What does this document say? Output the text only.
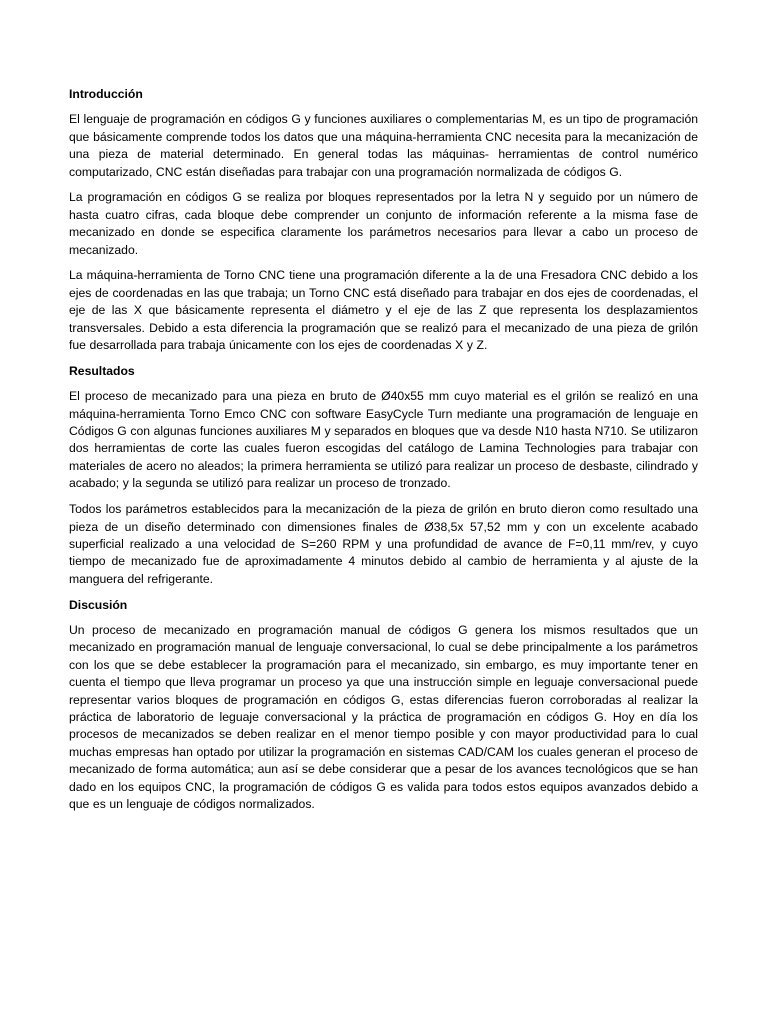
Introducción

El lenguaje de programación en códigos G y funciones auxiliares o complementarias M, es un tipo de programación que básicamente comprende todos los datos que una máquina-herramienta CNC necesita para la mecanización de una pieza de material determinado. En general todas las máquinas- herramientas de control numérico computarizado, CNC están diseñadas para trabajar con una programación normalizada de códigos G.

La programación en códigos G se realiza por bloques representados por la letra N y seguido por un número de hasta cuatro cifras, cada bloque debe comprender un conjunto de información referente a la misma fase de mecanizado en donde se especifica claramente los parámetros necesarios para llevar a cabo un proceso de mecanizado.

La máquina-herramienta de Torno CNC tiene una programación diferente a la de una Fresadora CNC debido a los ejes de coordenadas en las que trabaja; un Torno CNC está diseñado para trabajar en dos ejes de coordenadas, el eje de las X que básicamente representa el diámetro y el eje de las Z que representa los desplazamientos transversales. Debido a esta diferencia la programación que se realizó para el mecanizado de una pieza de grilón fue desarrollada para trabaja únicamente con los ejes de coordenadas X y Z.

Resultados

El proceso de mecanizado para una pieza en bruto de Ø40x55 mm cuyo material es el grilón se realizó en una máquina-herramienta Torno Emco CNC con software EasyCycle Turn mediante una programación de lenguaje en Códigos G con algunas funciones auxiliares M y separados en bloques que va desde N10 hasta N710. Se utilizaron dos herramientas de corte las cuales fueron escogidas del catálogo de Lamina Technologies para trabajar con materiales de acero no aleados; la primera herramienta se utilizó para realizar un proceso de desbaste, cilindrado y acabado; y la segunda se utilizó para realizar un proceso de tronzado.

Todos los parámetros establecidos para la mecanización de la pieza de grilón en bruto dieron como resultado una pieza de un diseño determinado con dimensiones finales de Ø38,5x 57,52 mm y con un excelente acabado superficial realizado a una velocidad de S=260 RPM y una profundidad de avance de F=0,11 mm/rev, y cuyo tiempo de mecanizado fue de aproximadamente 4 minutos debido al cambio de herramienta y al ajuste de la manguera del refrigerante.

Discusión

Un proceso de mecanizado en programación manual de códigos G genera los mismos resultados que un mecanizado en programación manual de lenguaje conversacional, lo cual se debe principalmente a los parámetros con los que se debe establecer la programación para el mecanizado, sin embargo, es muy importante tener en cuenta el tiempo que lleva programar un proceso ya que una instrucción simple en leguaje conversacional puede representar varios bloques de programación en códigos G, estas diferencias fueron corroboradas al realizar la práctica de laboratorio de leguaje conversacional y la práctica de programación en códigos G. Hoy en día los procesos de mecanizados se deben realizar en el menor tiempo posible y con mayor productividad para lo cual muchas empresas han optado por utilizar la programación en sistemas CAD/CAM los cuales generan el proceso de mecanizado de forma automática; aun así se debe considerar que a pesar de los avances tecnológicos que se han dado en los equipos CNC, la programación de códigos G es valida para todos estos equipos avanzados debido a que es un lenguaje de códigos normalizados.
